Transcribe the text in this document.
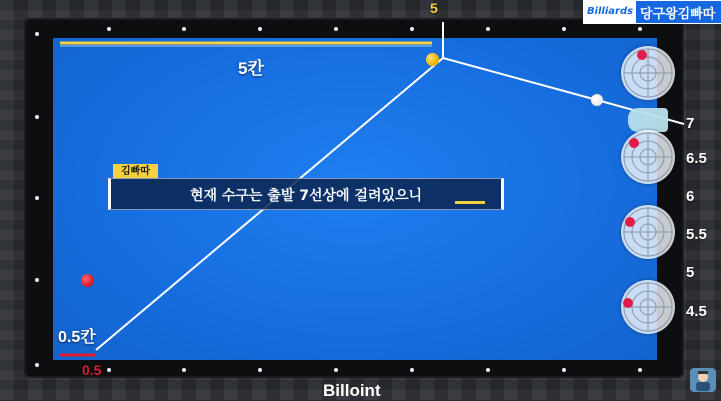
5
5칸
0.5칸
0.5
7
6.5
6
5.5
5
4.5
김빠따
현재 수구는 출발 7선상에 걸려있으니
Billiards 당구왕김빠따
Billoint
